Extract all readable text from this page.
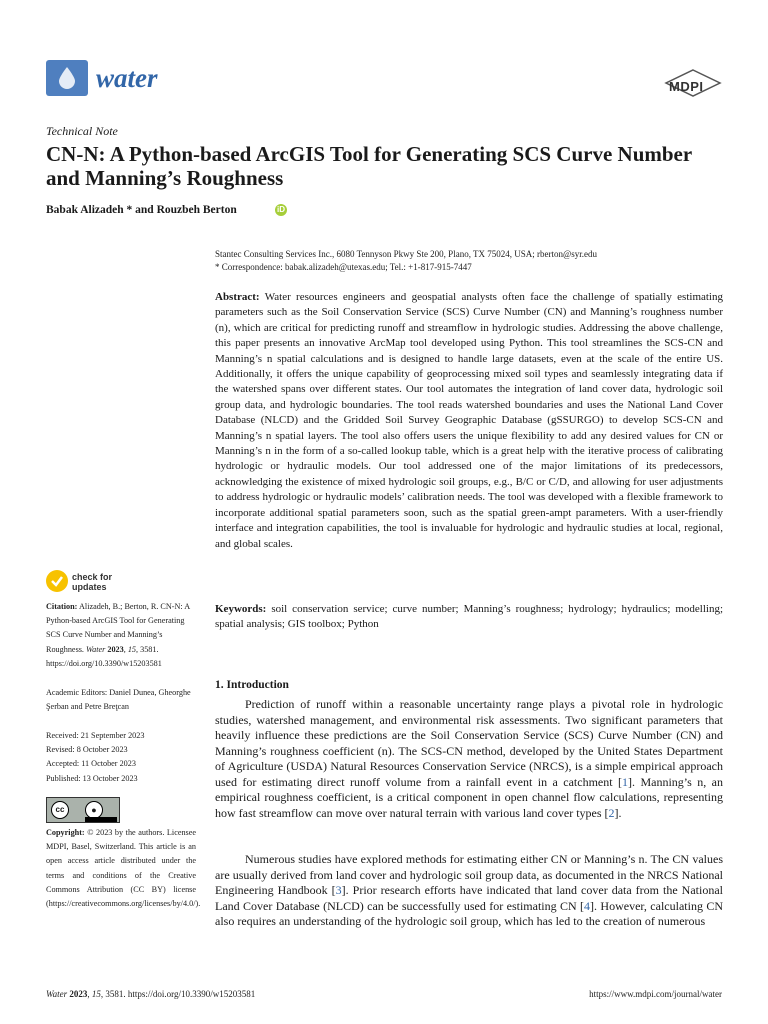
water	MDPI
Technical Note
CN-N: A Python-based ArcGIS Tool for Generating SCS Curve Number and Manning’s Roughness
Babak Alizadeh * and Rouzbeh Berton	iD
Stantec Consulting Services Inc., 6080 Tennyson Pkwy Ste 200, Plano, TX 75024, USA; rberton@syr.edu
* Correspondence: babak.alizadeh@utexas.edu; Tel.: +1-817-915-7447
Abstract: Water resources engineers and geospatial analysts often face the challenge of spatially estimating parameters such as the Soil Conservation Service (SCS) Curve Number (CN) and Manning’s roughness number (n), which are critical for predicting runoff and streamflow in hydrologic studies. Addressing the above challenge, this paper presents an innovative ArcMap tool developed using Python. This tool streamlines the SCS-CN and Manning’s n spatial calculations and is designed to handle large datasets, even at the scale of the entire US. Additionally, it offers the unique capability of geoprocessing mixed soil types and seamlessly integrating data if the watershed spans over different states. Our tool automates the integration of land cover data, hydrologic soil group data, and hydrologic boundaries. The tool reads watershed boundaries and uses the National Land Cover Database (NLCD) and the Gridded Soil Survey Geographic Database (gSSURGO) to develop SCS-CN and Manning’s n spatial layers. The tool also offers users the unique flexibility to add any desired values for CN or Manning’s n in the form of a so-called lookup table, which is a great help with the iterative process of calibrating hydrologic or hydraulic models. Our tool addressed one of the major limitations of its predecessors, acknowledging the existence of mixed hydrologic soil groups, e.g., B/C or C/D, and allowing for user adjustments to address hydrologic or hydraulic models’ calibration needs. The tool was developed with a flexible framework to incorporate additional spatial parameters soon, such as the spatial green-ampt parameters. With a user-friendly interface and integration capabilities, the tool is invaluable for hydrologic and hydraulic studies at local, regional, and global scales.
Keywords: soil conservation service; curve number; Manning’s roughness; hydrology; hydraulics; modelling; spatial analysis; GIS toolbox; Python
1. Introduction
Prediction of runoff within a reasonable uncertainty range plays a pivotal role in hydrologic studies, watershed management, and environmental risk assessments. Two significant parameters that heavily influence these predictions are the Soil Conservation Service (SCS) Curve Number (CN) and Manning’s roughness coefficient (n). The SCS-CN method, developed by the United States Department of Agriculture (USDA) Natural Resources Conservation Service (NRCS), is a simple empirical approach used for estimating direct runoff volume from a rainfall event in a catchment [1]. Manning’s n, an empirical roughness coefficient, is a critical component in open channel flow calculations, representing how fast streamflow can move over natural terrain with various land cover types [2].
Numerous studies have explored methods for estimating either CN or Manning’s n. The CN values are usually derived from land cover and hydrologic soil group data, as documented in the NRCS National Engineering Handbook [3]. Prior research efforts have indicated that land cover data from the National Land Cover Database (NLCD) can be successfully used for estimating CN [4]. However, calculating CN also requires an understanding of the hydrologic soil group, which has led to the creation of numerous
check for
updates
Citation: Alizadeh, B.; Berton, R. CN-N: A Python-based ArcGIS Tool for Generating SCS Curve Number and Manning’s Roughness. Water 2023, 15, 3581. https://doi.org/10.3390/w15203581
Academic Editors: Daniel Dunea, Gheorghe Şerban and Petre Breţcan
Received: 21 September 2023
Revised: 8 October 2023
Accepted: 11 October 2023
Published: 13 October 2023
cc	●
Copyright: © 2023 by the authors. Licensee MDPI, Basel, Switzerland. This article is an open access article distributed under the terms and conditions of the Creative Commons Attribution (CC BY) license (https://creativecommons.org/licenses/by/4.0/).
Water 2023, 15, 3581. https://doi.org/10.3390/w15203581	https://www.mdpi.com/journal/water
